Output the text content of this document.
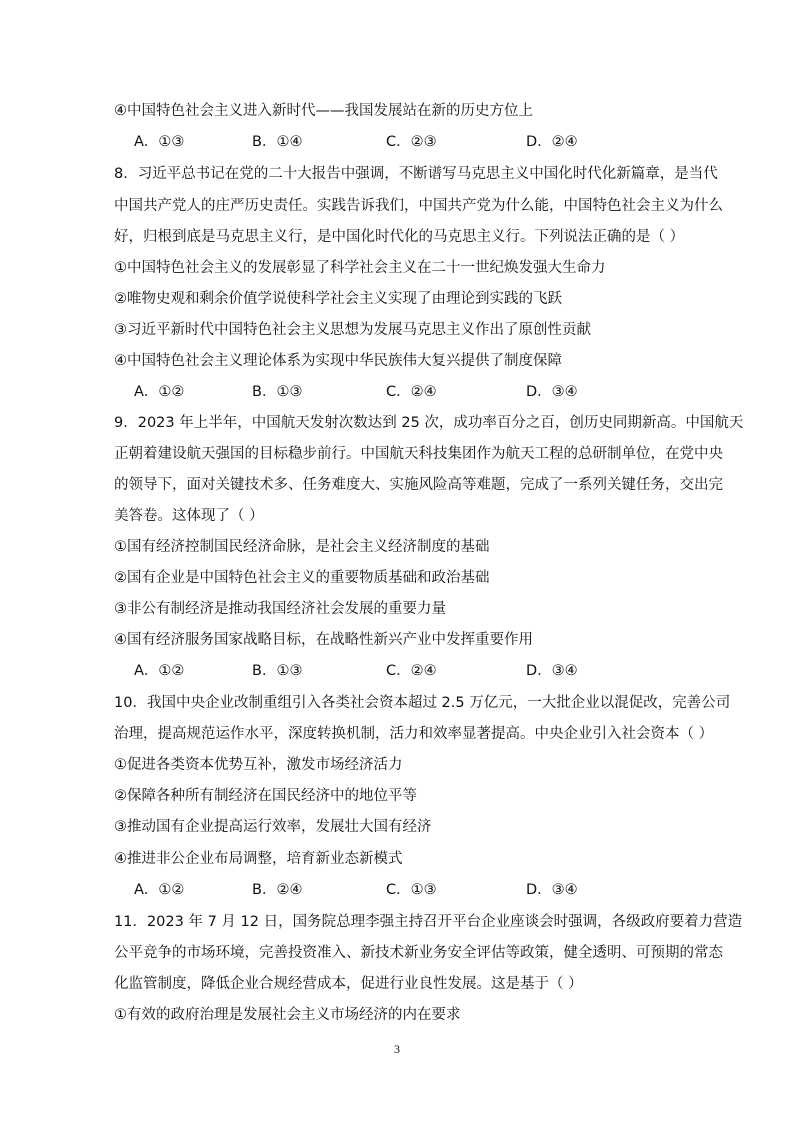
④中国特色社会主义进入新时代——我国发展站在新的历史方位上
A．①③	B．①④	C．②③	D．②④
8．习近平总书记在党的二十大报告中强调，不断谱写马克思主义中国化时代化新篇章，是当代
中国共产党人的庄严历史责任。实践告诉我们，中国共产党为什么能，中国特色社会主义为什么
好，归根到底是马克思主义行，是中国化时代化的马克思主义行。下列说法正确的是（ ）
①中国特色社会主义的发展彰显了科学社会主义在二十一世纪焕发强大生命力
②唯物史观和剩余价值学说使科学社会主义实现了由理论到实践的飞跃
③习近平新时代中国特色社会主义思想为发展马克思主义作出了原创性贡献
④中国特色社会主义理论体系为实现中华民族伟大复兴提供了制度保障
A．①②	B．①③	C．②④	D．③④
9．2023 年上半年，中国航天发射次数达到 25 次，成功率百分之百，创历史同期新高。中国航天
正朝着建设航天强国的目标稳步前行。中国航天科技集团作为航天工程的总研制单位，在党中央
的领导下，面对关键技术多、任务难度大、实施风险高等难题，完成了一系列关键任务，交出完
美答卷。这体现了（ ）
①国有经济控制国民经济命脉，是社会主义经济制度的基础
②国有企业是中国特色社会主义的重要物质基础和政治基础
③非公有制经济是推动我国经济社会发展的重要力量
④国有经济服务国家战略目标，在战略性新兴产业中发挥重要作用
A．①②	B．①③	C．②④	D．③④
10．我国中央企业改制重组引入各类社会资本超过 2.5 万亿元，一大批企业以混促改，完善公司
治理，提高规范运作水平，深度转换机制，活力和效率显著提高。中央企业引入社会资本（ ）
①促进各类资本优势互补，激发市场经济活力
②保障各种所有制经济在国民经济中的地位平等
③推动国有企业提高运行效率，发展壮大国有经济
④推进非公企业布局调整，培育新业态新模式
A．①②	B．②④	C．①③	D．③④
11．2023 年 7 月 12 日，国务院总理李强主持召开平台企业座谈会时强调，各级政府要着力营造
公平竞争的市场环境，完善投资准入、新技术新业务安全评估等政策，健全透明、可预期的常态
化监管制度，降低企业合规经营成本，促进行业良性发展。这是基于（ ）
①有效的政府治理是发展社会主义市场经济的内在要求
3
